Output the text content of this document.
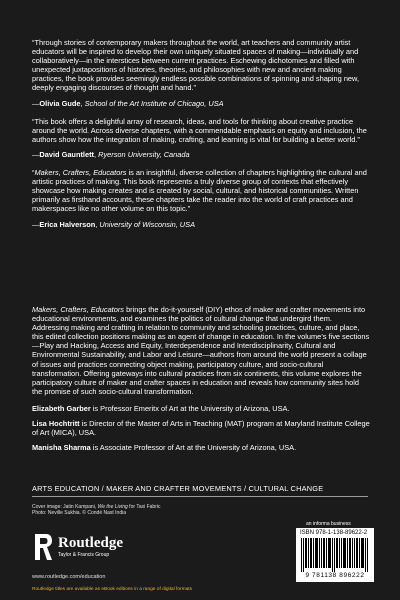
“Through stories of contemporary makers throughout the world, art teachers and community artist educators will be inspired to develop their own uniquely situated spaces of making—individually and collaboratively—in the interstices between current practices. Eschewing dichotomies and filled with unexpected juxtapositions of histories, theories, and philosophies with new and ancient making practices, the book provides seemingly endless possible combinations of spinning and shaping new, deeply engaging discourses of thought and hand.”

—Olivia Gude, School of the Art Institute of Chicago, USA

“This book offers a delightful array of research, ideas, and tools for thinking about creative practice around the world. Across diverse chapters, with a commendable emphasis on equity and inclusion, the authors show how the integration of making, crafting, and learning is vital for building a better world.”

—David Gauntlett, Ryerson University, Canada

“Makers, Crafters, Educators is an insightful, diverse collection of chapters highlighting the cultural and artistic practices of making. This book represents a truly diverse group of contexts that effectively showcase how making creates and is created by social, cultural, and historical communities. Written primarily as firsthand accounts, these chapters take the reader into the world of craft practices and makerspaces like no other volume on this topic.”

—Erica Halverson, University of Wisconsin, USA

Makers, Crafters, Educators brings the do-it-yourself (DIY) ethos of maker and crafter movements into educational environments, and examines the politics of cultural change that undergird them. Addressing making and crafting in relation to community and schooling practices, culture, and place, this edited collection positions making as an agent of change in education. In the volume’s five sections—Play and Hacking, Access and Equity, Interdependence and Interdisciplinarity, Cultural and Environmental Sustainability, and Labor and Leisure—authors from around the world present a collage of issues and practices connecting object making, participatory culture, and socio-cultural transformation. Offering gateways into cultural practices from six continents, this volume explores the participatory culture of maker and crafter spaces in education and reveals how community sites hold the promise of such socio-cultural transformation.

Elizabeth Garber is Professor Emeritx of Art at the University of Arizona, USA.

Lisa Hochtritt is Director of the Master of Arts in Teaching (MAT) program at Maryland Institute College of Art (MICA), USA.

Manisha Sharma is Associate Professor of Art at the University of Arizona, USA.

ARTS EDUCATION / MAKER AND CRAFTER MOVEMENTS / CULTURAL CHANGE
Cover image: Jatin Kampani, We the Living for Taxi Fabric
Photo: Neville Sukhia. © Condé Nast India
Routledge
Taylor & Francis Group
www.routledge.com/education
Routledge titles are available as eBook editions in a range of digital formats
an informa business
ISBN 978-1-138-89622-2
9 781138 896222
